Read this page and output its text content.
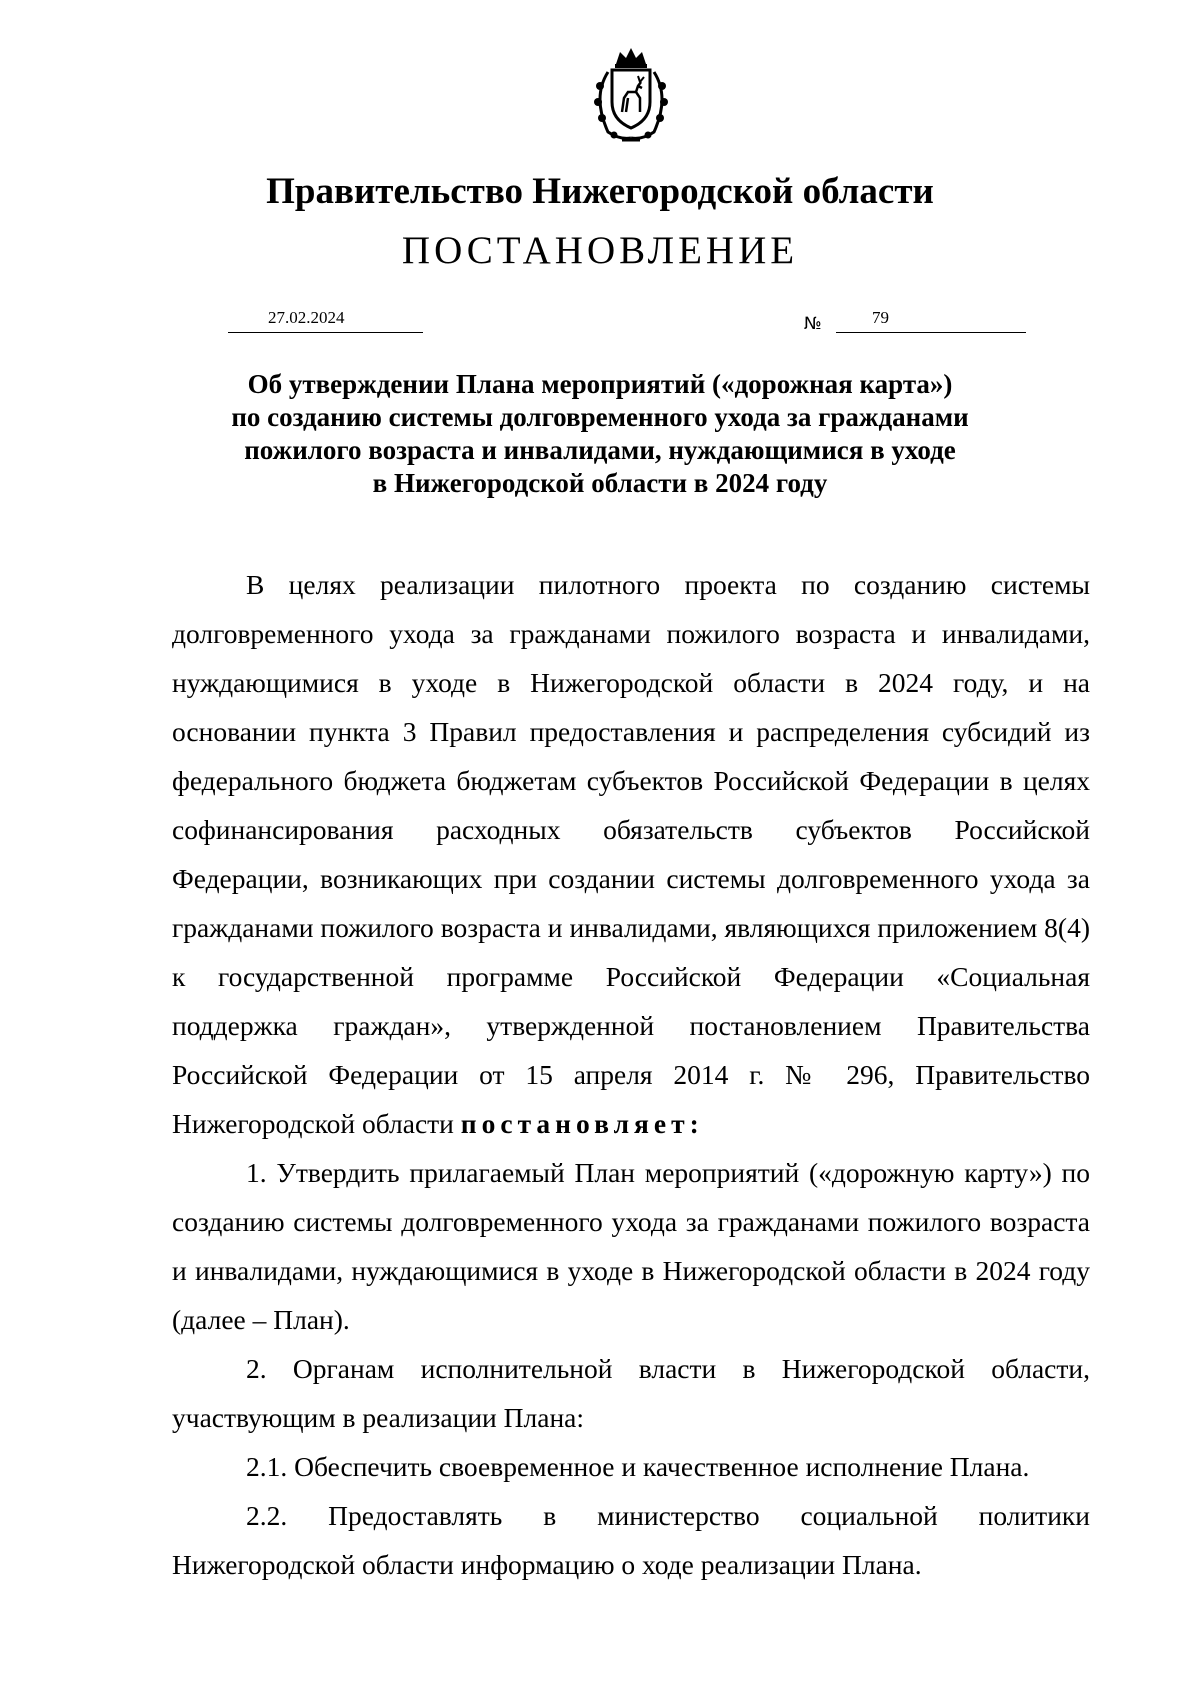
Правительство Нижегородской области
ПОСТАНОВЛЕНИЕ
27.02.2024	№	79
Об утверждении Плана мероприятий («дорожная карта»)
по созданию системы долговременного ухода за гражданами
пожилого возраста и инвалидами, нуждающимися в уходе
в Нижегородской области в 2024 году

В целях реализации пилотного проекта по созданию системы долговременного ухода за гражданами пожилого возраста и инвалидами, нуждающимися в уходе в Нижегородской области в 2024 году, и на основании пункта 3 Правил предоставления и распределения субсидий из федерального бюджета бюджетам субъектов Российской Федерации в целях софинансирования расходных обязательств субъектов Российской Федерации, возникающих при создании системы долговременного ухода за гражданами пожилого возраста и инвалидами, являющихся приложением 8(4) к государственной программе Российской Федерации «Социальная поддержка граждан», утвержденной постановлением Правительства Российской Федерации от 15 апреля 2014 г. № 296, Правительство Нижегородской области постановляет:

1. Утвердить прилагаемый План мероприятий («дорожную карту») по созданию системы долговременного ухода за гражданами пожилого возраста и инвалидами, нуждающимися в уходе в Нижегородской области в 2024 году (далее – План).

2. Органам исполнительной власти в Нижегородской области, участвующим в реализации Плана:

2.1. Обеспечить своевременное и качественное исполнение Плана.

2.2. Предоставлять в министерство социальной политики Нижегородской области информацию о ходе реализации Плана.
